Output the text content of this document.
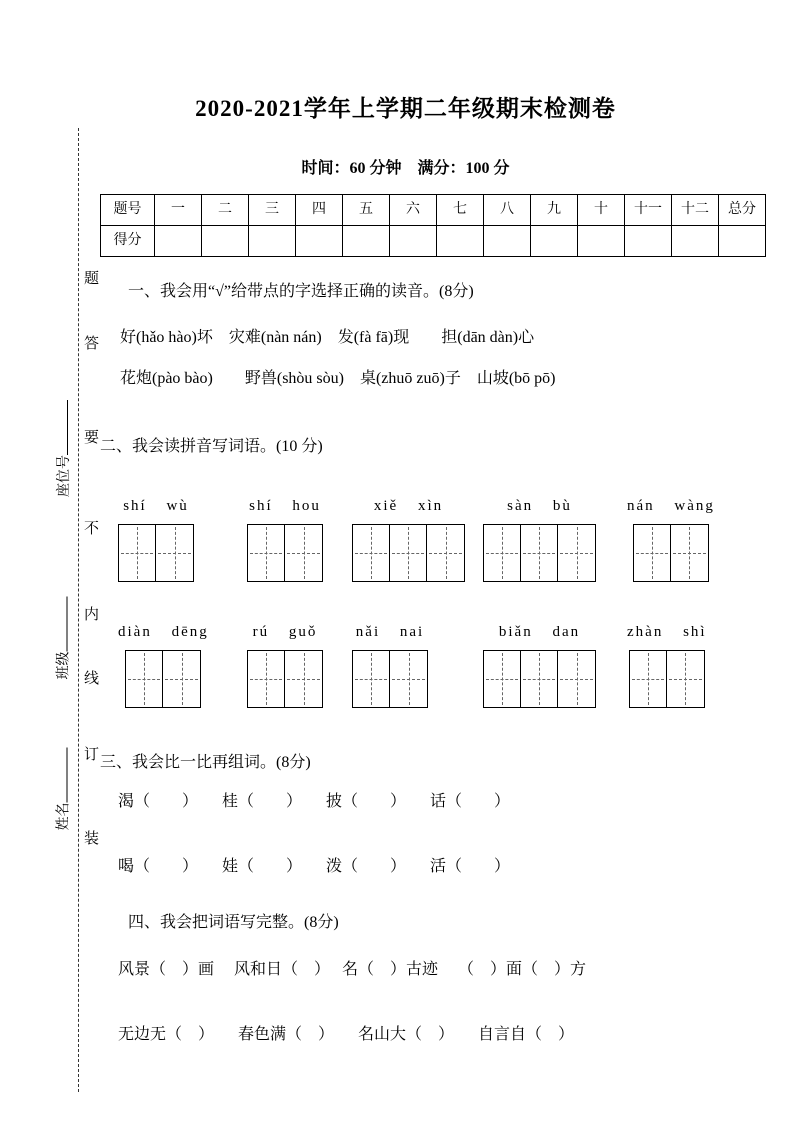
题
答
要
不
内
线
订
装
座位号
班级
姓名
2020-2021学年上学期二年级期末检测卷
时间：60 分钟　满分：100 分
题号	一	二	三	四	五	六	七	八	九	十	十一	十二	总分
得分													
一、我会用“√”给带点的字选择正确的读音。(8分)
好(hǎo hào)坏　灾难(nàn nán)　发(fà fā)现　　担(dān dàn)心
花炮(pào bào)　　野兽(shòu sòu)　桌(zhuō zuō)子　山坡(bō pō)
二、我会读拼音写词语。(10 分)
shí wù	shí hou	xiě xìn	sàn bù	nán wàng
diàn dēng	rú guǒ	nǎi nai	biǎn dan	zhàn shì
三、我会比一比再组词。(8分)
渴（　　）　　桂（　　）　　披（　　）　　话（　　）
喝（　　）　　娃（　　）　　泼（　　）　　活（　　）
四、我会把词语写完整。(8分)
风景（　）画　 风和日（　）　 名（　）古迹　 （　）面（　）方
无边无（　）　　春色满（　）　　名山大（　）　　自言自（　）
